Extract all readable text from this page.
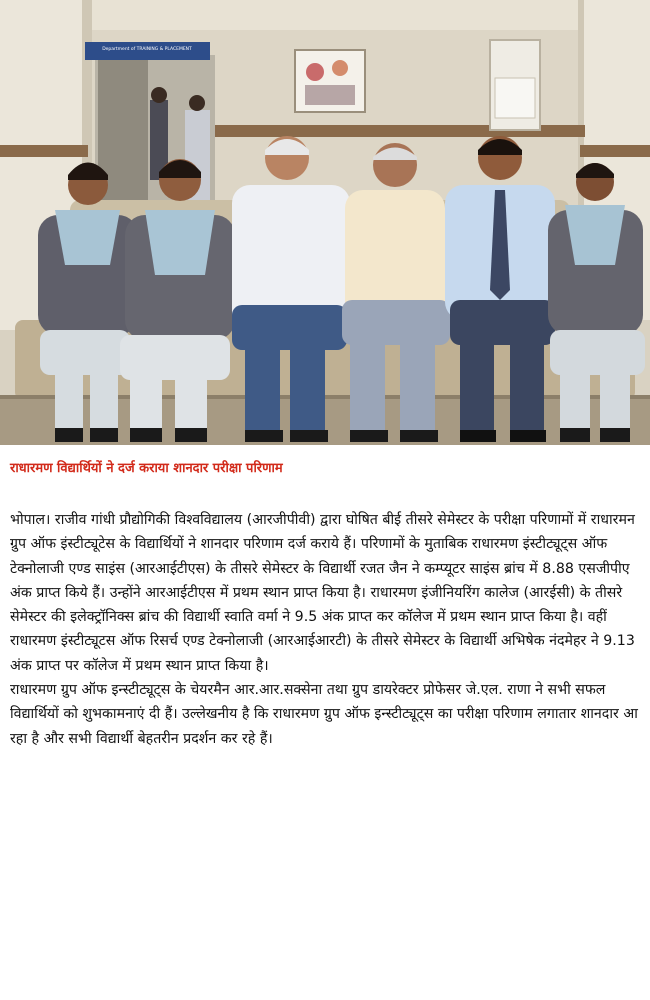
Department of TRAINING & PLACEMENT
राधारमण विद्यार्थियों ने दर्ज कराया शानदार परीक्षा परिणाम

भोपाल। राजीव गांधी प्रौद्योगिकी विश्वविद्यालय (आरजीपीवी) द्वारा घोषित बीई तीसरे सेमेस्टर के परीक्षा परिणामों में राधारमन ग्रुप ऑफ इंस्टीट्यूटेस के विद्यार्थियों ने शानदार परिणाम दर्ज कराये हैं। परिणामों के मुताबिक राधारमण इंस्टीट्यूट्स ऑफ टेक्नोलाजी एण्ड साइंस (आरआईटीएस) के तीसरे सेमेस्टर के विद्यार्थी रजत जैन ने कम्प्यूटर साइंस ब्रांच में 8.88 एसजीपीए अंक प्राप्त किये हैं। उन्होंने आरआईटीएस में प्रथम स्थान प्राप्त किया है। राधारमण इंजीनियरिंग कालेज (आरईसी) के तीसरे सेमेस्टर की इलेक्ट्रॉनिक्स ब्रांच की विद्यार्थी स्वाति वर्मा ने 9.5 अंक प्राप्त कर कॉलेज में प्रथम स्थान प्राप्त किया है। वहीं राधारमण इंस्टीट्यूटस ऑफ रिसर्च एण्ड टेक्नोलाजी (आरआईआरटी) के तीसरे सेमेस्टर के विद्यार्थी अभिषेक नंदमेहर ने 9.13 अंक प्राप्त पर कॉलेज में प्रथम स्थान प्राप्त किया है।

राधारमण ग्रुप ऑफ इन्स्टीट्यूट्स के चेयरमैन आर.आर.सक्सेना तथा ग्रुप डायरेक्टर प्रोफेसर जे.एल. राणा ने सभी सफल विद्यार्थियों को शुभकामनाएं दी हैं। उल्लेखनीय है कि राधारमण ग्रुप ऑफ इन्स्टीट्यूट्स का परीक्षा परिणाम लगातार शानदार आ रहा है और सभी विद्यार्थी बेहतरीन प्रदर्शन कर रहे हैं।
